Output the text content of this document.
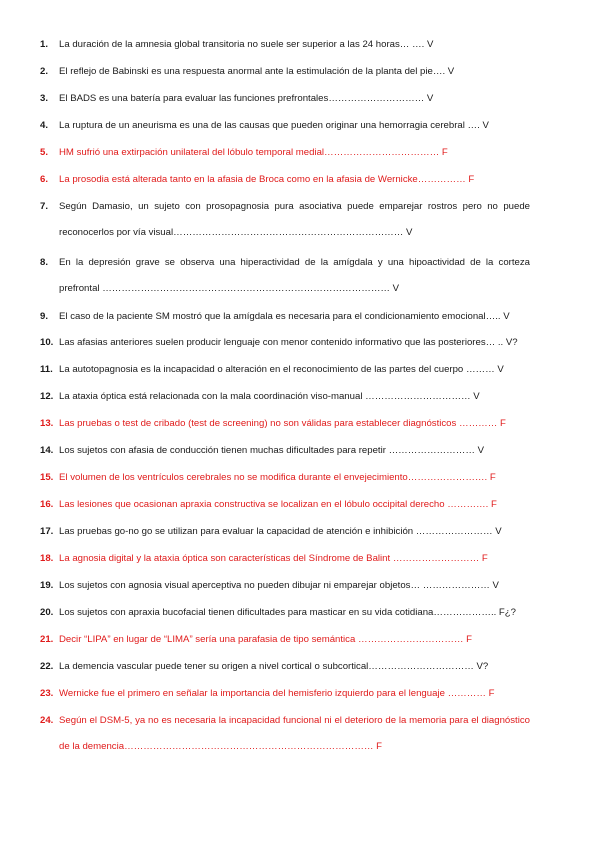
1.	La duración de la amnesia global transitoria no suele ser superior a las 24 horas… …. V
2.	El reflejo de Babinski es una respuesta anormal ante la estimulación de la planta del pie…. V
3.	El BADS es una batería para evaluar las funciones prefrontales………………………… V
4.	La ruptura de un aneurisma es una de las causas que pueden originar una hemorragia cerebral …. V
5.	HM sufrió una extirpación unilateral del lóbulo temporal medial……………………………… F
6.	La prosodia está alterada tanto en la afasia de Broca como en la afasia de Wernicke…………… F
7.	Según Damasio, un sujeto con prosopagnosia pura asociativa puede emparejar rostros pero no puede reconocerlos por vía visual……………………………………………………………… V
8.	En la depresión grave se observa una hiperactividad de la amígdala y una hipoactividad de la corteza prefrontal ……………………………………………………………………………… V
9.	El caso de la paciente SM mostró que la amígdala es necesaria para el condicionamiento emocional….. V
10. Las afasias anteriores suelen producir lenguaje con menor contenido informativo que las posteriores… .. V?
11. La autotopagnosia es la incapacidad o alteración en el reconocimiento de las partes del cuerpo ……… V
12. La ataxia óptica está relacionada con la mala coordinación viso-manual …………………………… V
13. Las pruebas o test de cribado (test de screening) no son válidas para establecer diagnósticos ………… F
14. Los sujetos con afasia de conducción tienen muchas dificultades para repetir ……………………… V
15. El volumen de los ventrículos cerebrales no se modifica durante el envejecimiento……………………. F
16. Las lesiones que ocasionan apraxia constructiva se localizan en el lóbulo occipital derecho …………. F
17. Las pruebas go-no go se utilizan para evaluar la capacidad de atención e inhibición …………………… V
18. La agnosia digital y la ataxia óptica son características del Síndrome de Balint ……………………… F
19. Los sujetos con agnosia visual aperceptiva no pueden dibujar ni emparejar objetos… ………………… V
20. Los sujetos con apraxia bucofacial tienen dificultades para masticar en su vida cotidiana……………….. F¿?
21. Decir “LIPA” en lugar de “LIMA” sería una parafasia de tipo semántica …………………………… F
22. La demencia vascular puede tener su origen a nivel cortical o subcortical…………………………… V?
23. Wernicke fue el primero en señalar la importancia del hemisferio izquierdo para el lenguaje ………… F
24. Según el DSM-5, ya no es necesaria la incapacidad funcional ni el deterioro de la memoria para el diagnóstico de la demencia…………………………………………………………………… F
